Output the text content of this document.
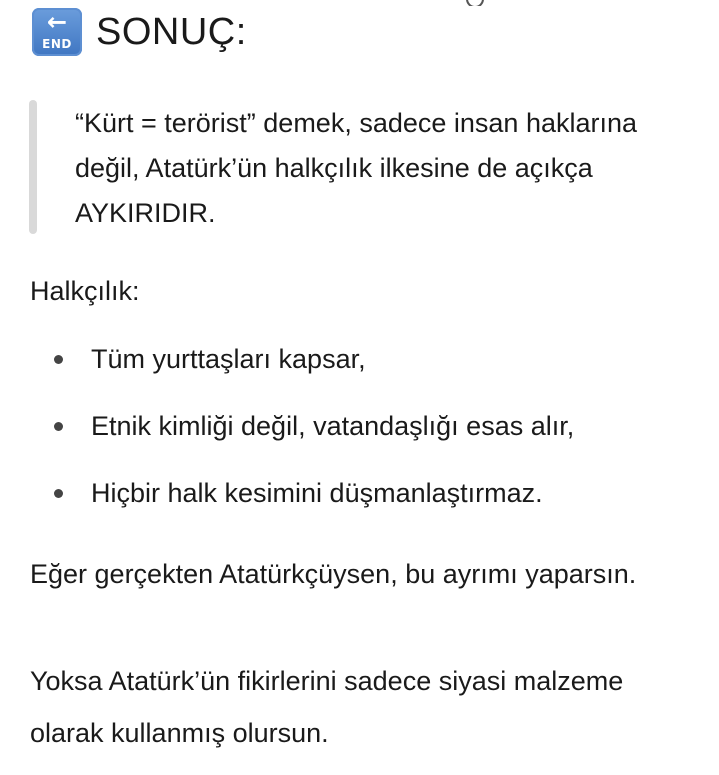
←
END SONUÇ:
“Kürt = terörist” demek, sadece insan haklarına değil, Atatürk’ün halkçılık ilkesine de açıkça AYKIRIDIR.
Halkçılık:
Tüm yurttaşları kapsar,
Etnik kimliği değil, vatandaşlığı esas alır,
Hiçbir halk kesimini düşmanlaştırmaz.
Eğer gerçekten Atatürkçüysen, bu ayrımı yaparsın.
Yoksa Atatürk’ün fikirlerini sadece siyasi malzeme olarak kullanmış olursun.
